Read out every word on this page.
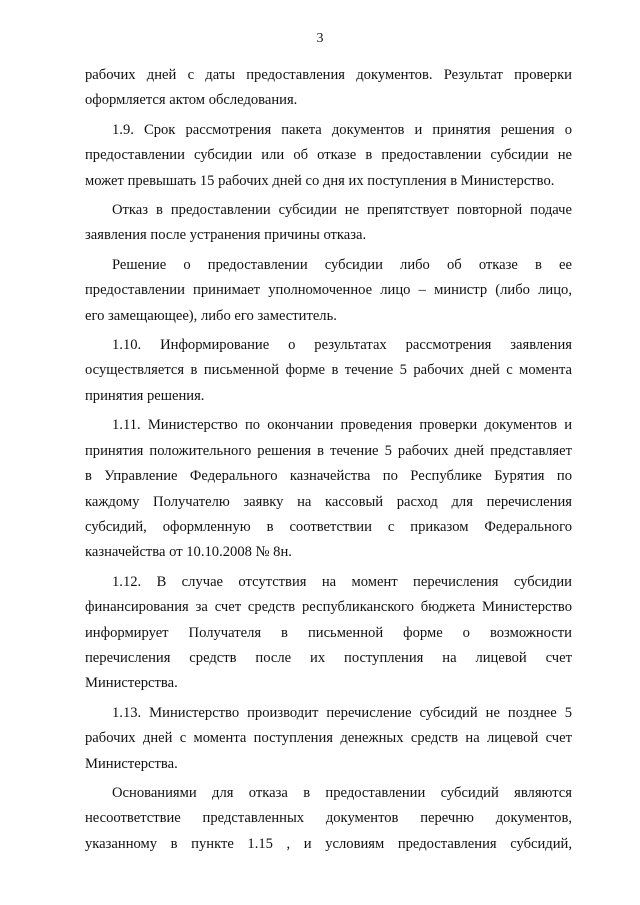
3
рабочих дней с даты предоставления документов. Результат проверки
оформляется актом обследования.
1.9. Срок рассмотрения пакета документов и принятия решения о
предоставлении субсидии или об отказе в предоставлении субсидии не
может превышать 15 рабочих дней со дня их поступления в Министерство.
Отказ в предоставлении субсидии не препятствует повторной подаче
заявления после устранения причины отказа.
Решение о предоставлении субсидии либо об отказе в ее
предоставлении принимает уполномоченное лицо – министр (либо лицо,
его замещающее), либо его заместитель.
1.10. Информирование о результатах рассмотрения заявления
осуществляется в письменной форме в течение 5 рабочих дней с момента
принятия решения.
1.11. Министерство по окончании проведения проверки документов и
принятия положительного решения в течение 5 рабочих дней представляет
в Управление Федерального казначейства по Республике Бурятия по
каждому Получателю заявку на кассовый расход для перечисления
субсидий, оформленную в соответствии с приказом Федерального
казначейства от 10.10.2008 № 8н.
1.12. В случае отсутствия на момент перечисления субсидии
финансирования за счет средств республиканского бюджета Министерство
информирует Получателя в письменной форме о возможности
перечисления средств после их поступления на лицевой счет
Министерства.
1.13. Министерство производит перечисление субсидий не позднее 5
рабочих дней с момента поступления денежных средств на лицевой счет
Министерства.
Основаниями для отказа в предоставлении субсидий являются
несоответствие представленных документов перечню документов,
указанному в пункте 1.15 , и условиям предоставления субсидий,
